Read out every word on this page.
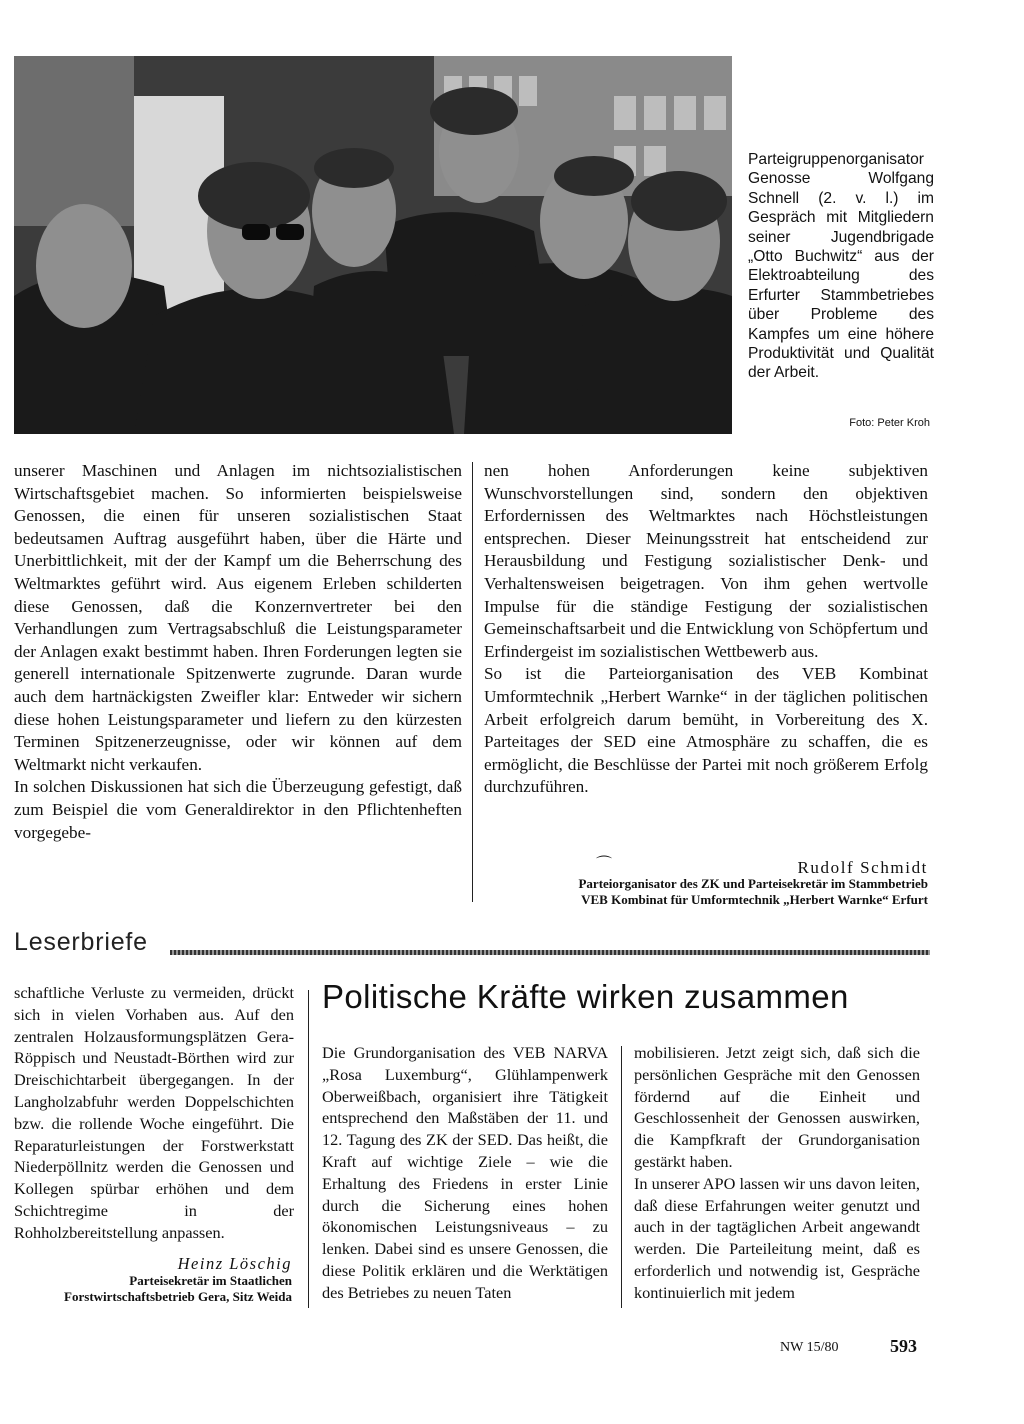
Parteigruppenorganisator Genosse Wolfgang Schnell (2. v. l.) im Gespräch mit Mitgliedern seiner Jugendbrigade „Otto Buchwitz“ aus der Elektroabteilung des Erfurter Stammbetriebes über Probleme des Kampfes um eine höhere Produktivität und Qualität der Arbeit.

Foto: Peter Kroh

unserer Maschinen und Anlagen im nichtsozialistischen Wirtschaftsgebiet machen. So informierten beispielsweise Genossen, die einen für unseren sozialistischen Staat bedeutsamen Auftrag ausgeführt haben, über die Härte und Unerbittlichkeit, mit der der Kampf um die Beherrschung des Weltmarktes geführt wird. Aus eigenem Erleben schilderten diese Genossen, daß die Konzernvertreter bei den Verhandlungen zum Vertragsabschluß die Leistungsparameter der Anlagen exakt bestimmt haben. Ihren Forderungen legten sie generell internationale Spitzenwerte zugrunde. Daran wurde auch dem hartnäckigsten Zweifler klar: Entweder wir sichern diese hohen Leistungsparameter und liefern zu den kürzesten Terminen Spitzenerzeugnisse, oder wir können auf dem Weltmarkt nicht verkaufen.

In solchen Diskussionen hat sich die Überzeugung gefestigt, daß zum Beispiel die vom Generaldirektor in den Pflichtenheften vorgegebe-

nen hohen Anforderungen keine subjektiven Wunschvorstellungen sind, sondern den objektiven Erfordernissen des Weltmarktes nach Höchstleistungen entsprechen. Dieser Meinungsstreit hat entscheidend zur Herausbildung und Festigung sozialistischer Denk- und Verhaltensweisen beigetragen. Von ihm gehen wertvolle Impulse für die ständige Festigung der sozialistischen Gemeinschaftsarbeit und die Entwicklung von Schöpfertum und Erfindergeist im sozialistischen Wettbewerb aus.

So ist die Parteiorganisation des VEB Kombinat Umformtechnik „Herbert Warnke“ in der täglichen politischen Arbeit erfolgreich darum bemüht, in Vorbereitung des X. Parteitages der SED eine Atmosphäre zu schaffen, die es ermöglicht, die Beschlüsse der Partei mit noch größerem Erfolg durchzuführen.

⌒	Rudolf Schmidt
Parteiorganisator des ZK und Parteisekretär im Stammbetrieb
VEB Kombinat für Umformtechnik „Herbert Warnke“ Erfurt
Leserbriefe

schaftliche Verluste zu vermeiden, drückt sich in vielen Vorhaben aus. Auf den zentralen Holzausformungsplätzen Gera-Röppisch und Neustadt-Börthen wird zur Dreischichtarbeit übergegangen. In der Langholzabfuhr werden Doppelschichten bzw. die rollende Woche eingeführt. Die Reparaturleistungen der Forstwerkstatt Niederpöllnitz werden die Genossen und Kollegen spürbar erhöhen und dem Schichtregime in der Rohholzbereitstellung anpassen.

Heinz Löschig
Parteisekretär im Staatlichen
Forstwirtschaftsbetrieb Gera, Sitz Weida
Politische Kräfte wirken zusammen

Die Grundorganisation des VEB NARVA „Rosa Luxemburg“, Glühlampenwerk Oberweißbach, organisiert ihre Tätigkeit entsprechend den Maßstäben der 11. und 12. Tagung des ZK der SED. Das heißt, die Kraft auf wichtige Ziele – wie die Erhaltung des Friedens in erster Linie durch die Sicherung eines hohen ökonomischen Leistungsniveaus – zu lenken. Dabei sind es unsere Genossen, die diese Politik erklären und die Werktätigen des Betriebes zu neuen Taten

mobilisieren. Jetzt zeigt sich, daß sich die persönlichen Gespräche mit den Genossen fördernd auf die Einheit und Geschlossenheit der Genossen auswirken, die Kampfkraft der Grundorganisation gestärkt haben.

In unserer APO lassen wir uns davon leiten, daß diese Erfahrungen weiter genutzt und auch in der tagtäglichen Arbeit angewandt werden. Die Parteileitung meint, daß es erforderlich und notwendig ist, Gespräche kontinuierlich mit jedem

NW 15/80	593
